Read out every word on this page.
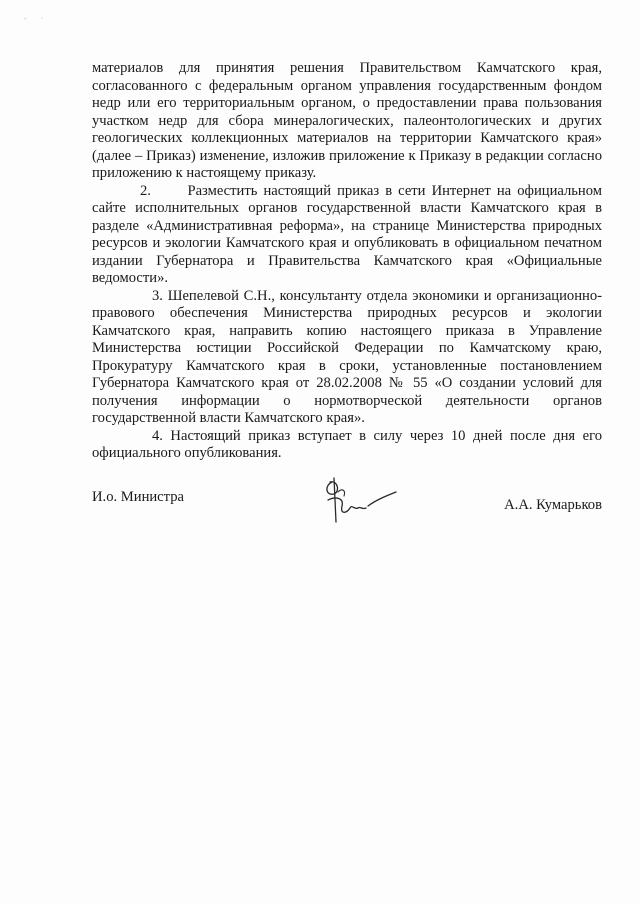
- ·

материалов для принятия решения Правительством Камчатского края, согласованного с федеральным органом управления государственным фондом недр или его территориальным органом, о предоставлении права пользования участком недр для сбора минералогических, палеонтологических и других геологических коллекционных материалов на территории Камчатского края» (далее – Приказ) изменение, изложив приложение к Приказу в редакции согласно приложению к настоящему приказу.

2.      Разместить настоящий приказ в сети Интернет на официальном сайте исполнительных органов государственной власти Камчатского края в разделе «Административная реформа», на странице Министерства природных ресурсов и экологии Камчатского края и опубликовать в официальном печатном издании Губернатора и Правительства Камчатского края «Официальные ведомости».

3. Шепелевой С.Н., консультанту отдела экономики и организационно-правового обеспечения Министерства природных ресурсов и экологии Камчатского края, направить копию настоящего приказа в Управление Министерства юстиции Российской Федерации по Камчатскому краю, Прокуратуру Камчатского края в сроки, установленные постановлением Губернатора Камчатского края от 28.02.2008 № 55 «О создании условий для получения информации о нормотворческой деятельности органов государственной власти Камчатского края».

4. Настоящий приказ вступает в силу через 10 дней после дня его официального опубликования.

И.о. Министра	А.А. Кумарьков
